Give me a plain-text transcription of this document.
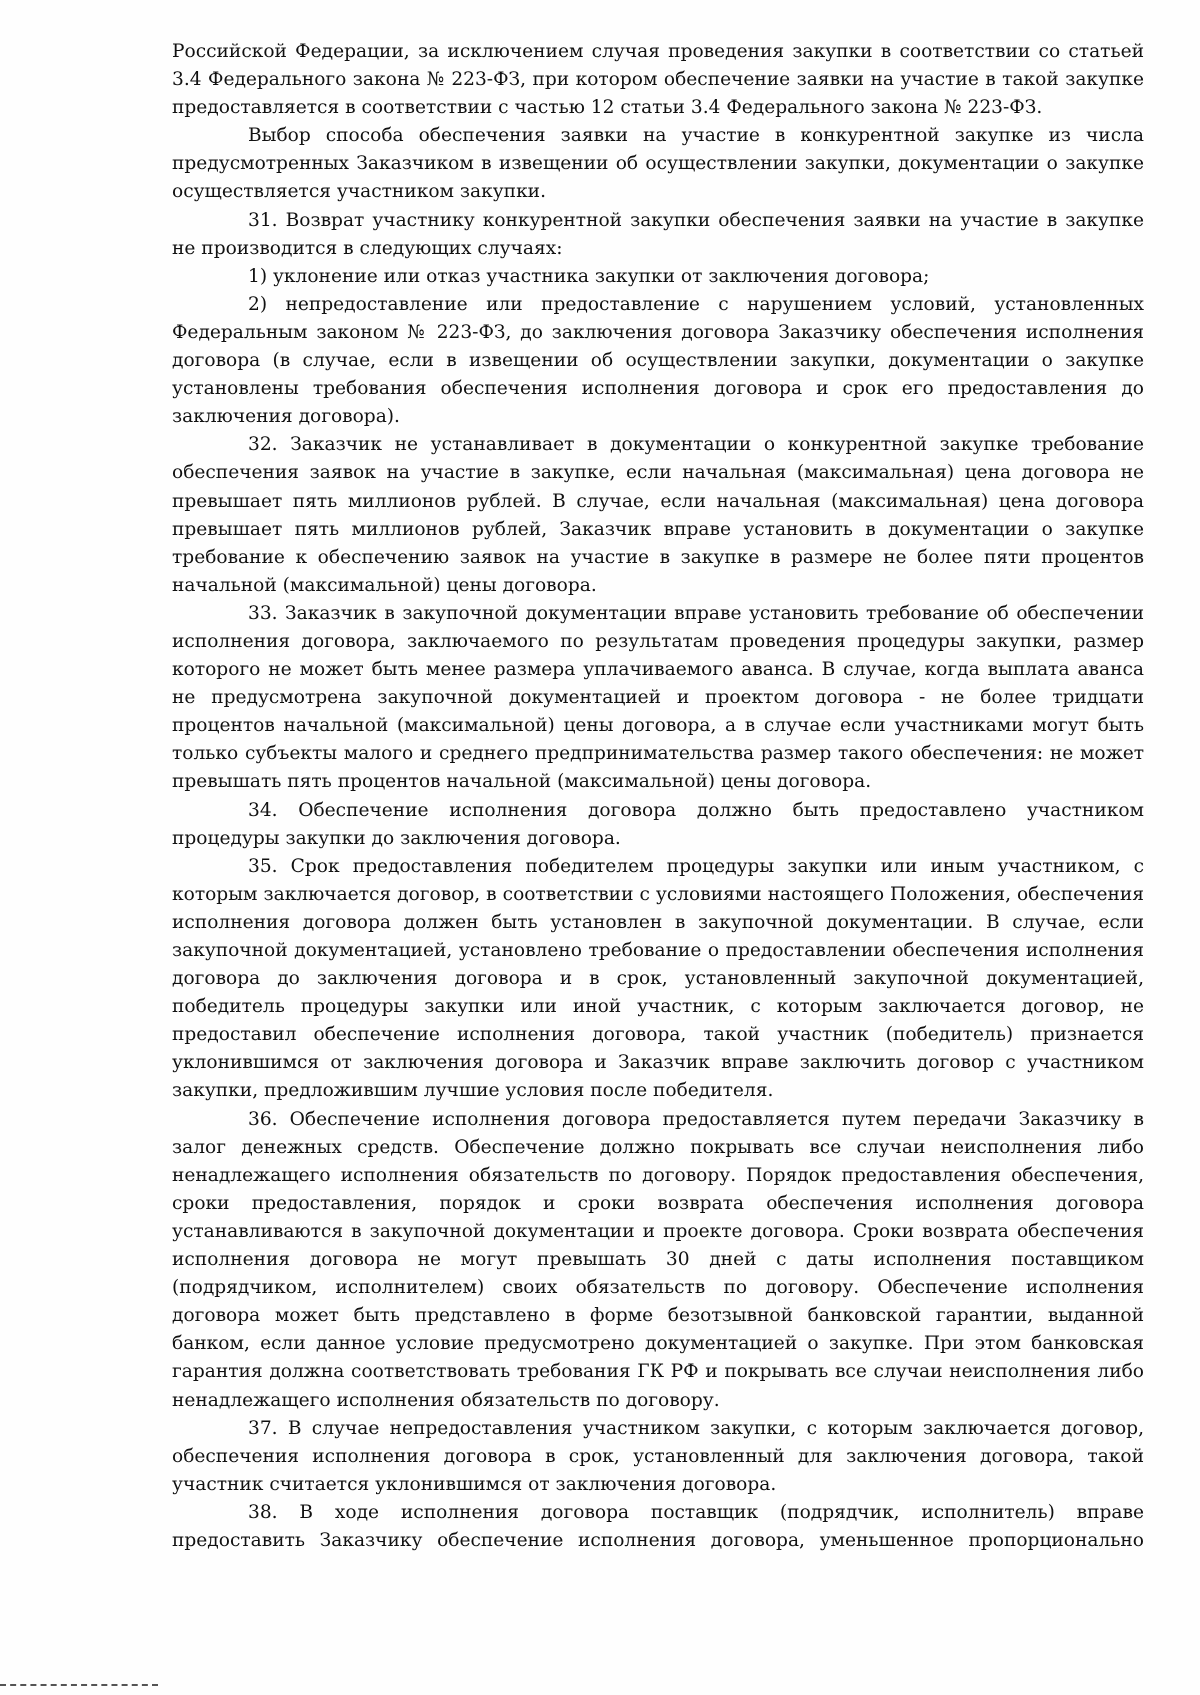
Российской Федерации, за исключением случая проведения закупки в соответствии со статьей 3.4 Федерального закона № 223-ФЗ, при котором обеспечение заявки на участие в такой закупке предоставляется в соответствии с частью 12 статьи 3.4 Федерального закона № 223-ФЗ.

Выбор способа обеспечения заявки на участие в конкурентной закупке из числа предусмотренных Заказчиком в извещении об осуществлении закупки, документации о закупке осуществляется участником закупки.

31. Возврат участнику конкурентной закупки обеспечения заявки на участие в закупке не производится в следующих случаях:

1) уклонение или отказ участника закупки от заключения договора;

2) непредоставление или предоставление с нарушением условий, установленных Федеральным законом № 223-ФЗ, до заключения договора Заказчику обеспечения исполнения договора (в случае, если в извещении об осуществлении закупки, документации о закупке установлены требования обеспечения исполнения договора и срок его предоставления до заключения договора).

32. Заказчик не устанавливает в документации о конкурентной закупке требование обеспечения заявок на участие в закупке, если начальная (максимальная) цена договора не превышает пять миллионов рублей. В случае, если начальная (максимальная) цена договора превышает пять миллионов рублей, Заказчик вправе установить в документации о закупке требование к обеспечению заявок на участие в закупке в размере не более пяти процентов начальной (максимальной) цены договора.

33. Заказчик в закупочной документации вправе установить требование об обеспечении исполнения договора, заключаемого по результатам проведения процедуры закупки, размер которого не может быть менее размера уплачиваемого аванса. В случае, когда выплата аванса не предусмотрена закупочной документацией и проектом договора - не более тридцати процентов начальной (максимальной) цены договора, а в случае если участниками могут быть только субъекты малого и среднего предпринимательства размер такого обеспечения: не может превышать пять процентов начальной (максимальной) цены договора.

34. Обеспечение исполнения договора должно быть предоставлено участником процедуры закупки до заключения договора.

35. Срок предоставления победителем процедуры закупки или иным участником, с которым заключается договор, в соответствии с условиями настоящего Положения, обеспечения исполнения договора должен быть установлен в закупочной документации. В случае, если закупочной документацией, установлено требование о предоставлении обеспечения исполнения договора до заключения договора и в срок, установленный закупочной документацией, победитель процедуры закупки или иной участник, с которым заключается договор, не предоставил обеспечение исполнения договора, такой участник (победитель) признается уклонившимся от заключения договора и Заказчик вправе заключить договор с участником закупки, предложившим лучшие условия после победителя.

36. Обеспечение исполнения договора предоставляется путем передачи Заказчику в залог денежных средств. Обеспечение должно покрывать все случаи неисполнения либо ненадлежащего исполнения обязательств по договору. Порядок предоставления обеспечения, сроки предоставления, порядок и сроки возврата обеспечения исполнения договора устанавливаются в закупочной документации и проекте договора. Сроки возврата обеспечения исполнения договора не могут превышать 30 дней с даты исполнения поставщиком (подрядчиком, исполнителем) своих обязательств по договору. Обеспечение исполнения договора может быть представлено в форме безотзывной банковской гарантии, выданной банком, если данное условие предусмотрено документацией о закупке. При этом банковская гарантия должна соответствовать требования ГК РФ и покрывать все случаи неисполнения либо ненадлежащего исполнения обязательств по договору.

37. В случае непредоставления участником закупки, с которым заключается договор, обеспечения исполнения договора в срок, установленный для заключения договора, такой участник считается уклонившимся от заключения договора.

38. В ходе исполнения договора поставщик (подрядчик, исполнитель) вправе предоставить Заказчику обеспечение исполнения договора, уменьшенное пропорционально
